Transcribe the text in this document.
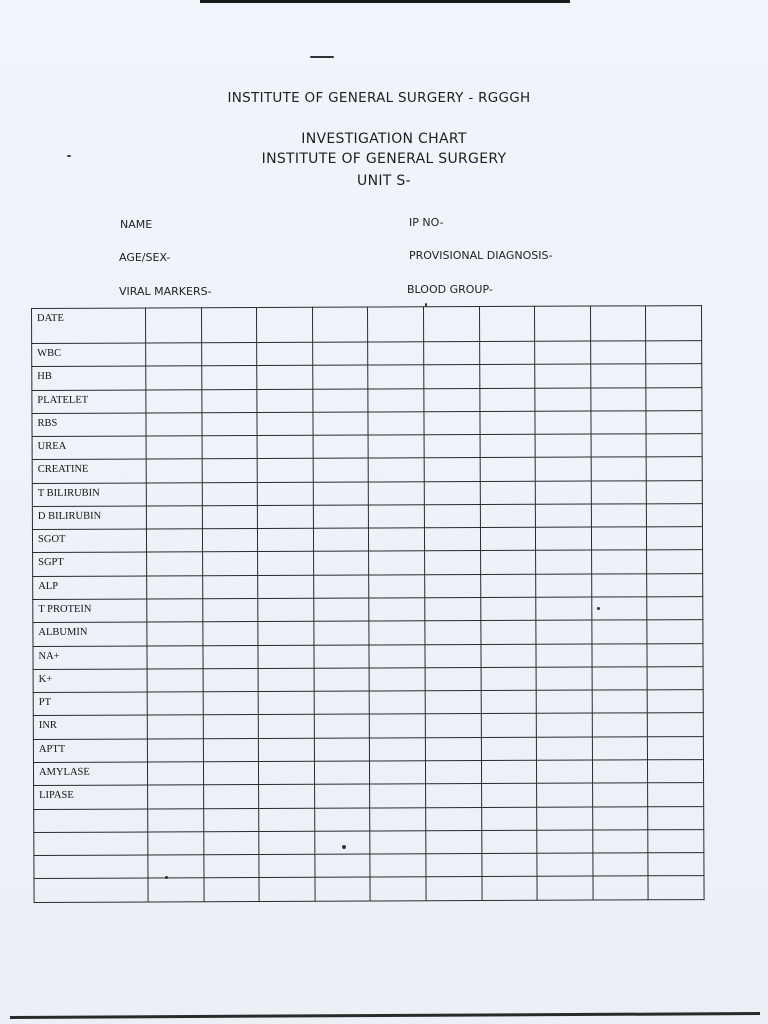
INSTITUTE OF GENERAL SURGERY - RGGGH
INVESTIGATION CHART
INSTITUTE OF GENERAL SURGERY
UNIT S-
NAME	IP NO-
AGE/SEX-	PROVISIONAL DIAGNOSIS-
VIRAL MARKERS-	BLOOD GROUP-
DATE										
WBC										
HB										
PLATELET										
RBS										
UREA										
CREATINE										
T BILIRUBIN										
D BILIRUBIN										
SGOT										
SGPT										
ALP										
T PROTEIN										
ALBUMIN										
NA+										
K+										
PT										
INR										
APTT										
AMYLASE										
LIPASE										
